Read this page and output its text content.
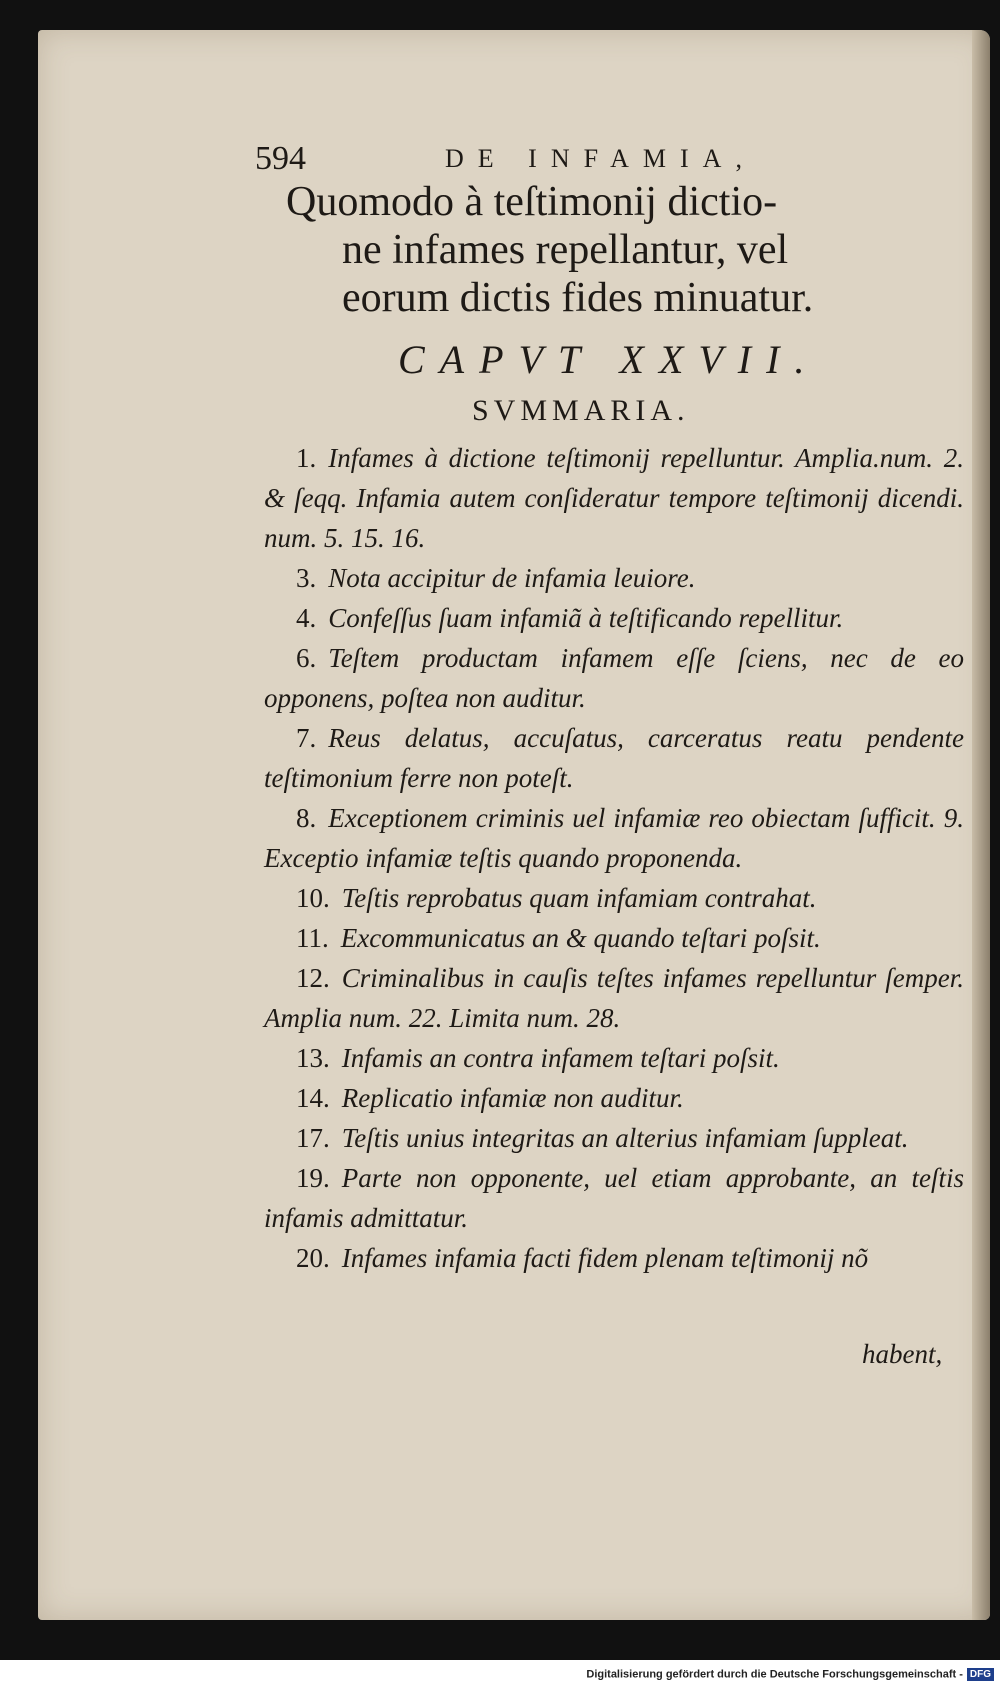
594	DE INFAMIA,
Quomodo à teſtimonij dictio-
ne infames repellantur, vel
eorum dictis fides minuatur.
CAPVT XXVII.
SVMMARIA.

1. Infames à dictione teſtimonij repelluntur. Amplia.num. 2. & ſeqq. Infamia autem conſideratur tempore teſtimonij dicendi. num. 5. 15. 16.

3. Nota accipitur de infamia leuiore.

4. Confeſſus ſuam infamiã à teſtificando repellitur.

6. Teſtem productam infamem eſſe ſciens, nec de eo opponens, poſtea non auditur.

7. Reus delatus, accuſatus, carceratus reatu pendente teſtimonium ferre non poteſt.

8. Exceptionem criminis uel infamiæ reo obiectam ſufficit. 9. Exceptio infamiæ teſtis quando proponenda.

10. Teſtis reprobatus quam infamiam contrahat.

11. Excommunicatus an & quando teſtari poſsit.

12. Criminalibus in cauſis teſtes infames repelluntur ſemper. Amplia num. 22. Limita num. 28.

13. Infamis an contra infamem teſtari poſsit.

14. Replicatio infamiæ non auditur.

17. Teſtis unius integritas an alterius infamiam ſuppleat.

19. Parte non opponente, uel etiam approbante, an teſtis infamis admittatur.

20. Infames infamia facti fidem plenam teſtimonij nõ

habent,
Digitalisierung gefördert durch die Deutsche Forschungsgemeinschaft - DFG
